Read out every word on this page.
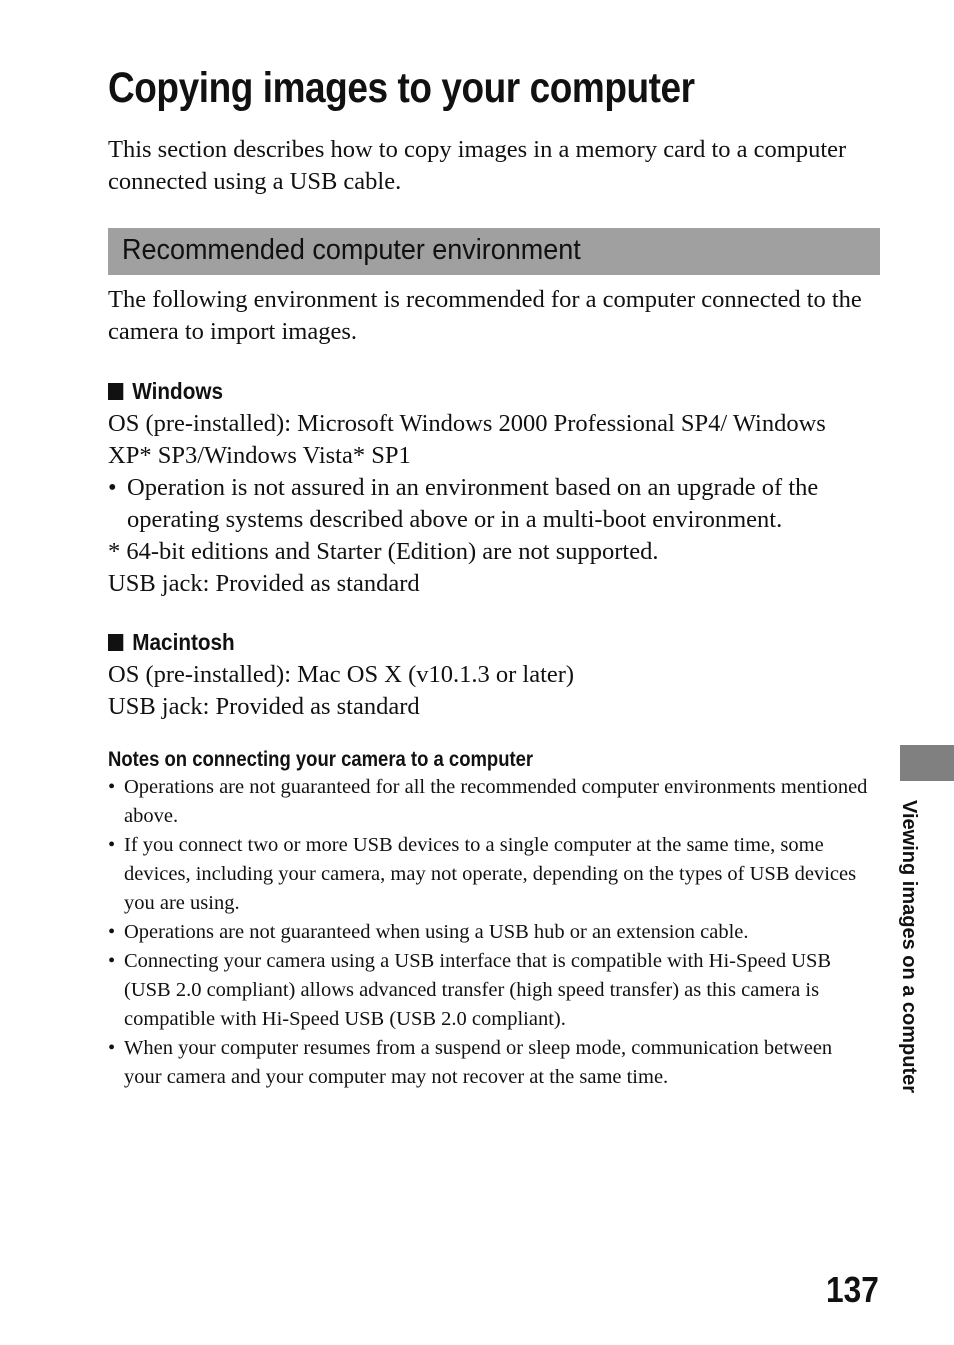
Copying images to your computer

This section describes how to copy images in a memory card to a computer connected using a USB cable.

Recommended computer environment

The following environment is recommended for a computer connected to the camera to import images.

Windows

OS (pre-installed): Microsoft Windows 2000 Professional SP4/ Windows

XP* SP3/Windows Vista* SP1

• Operation is not assured in an environment based on an upgrade of the

operating systems described above or in a multi-boot environment.

* 64-bit editions and Starter (Edition) are not supported.

USB jack: Provided as standard

Macintosh

OS (pre-installed): Mac OS X (v10.1.3 or later)

USB jack: Provided as standard

Notes on connecting your camera to a computer
• Operations are not guaranteed for all the recommended computer environments mentioned above.
• If you connect two or more USB devices to a single computer at the same time, some devices, including your camera, may not operate, depending on the types of USB devices you are using.
• Operations are not guaranteed when using a USB hub or an extension cable.
• Connecting your camera using a USB interface that is compatible with Hi-Speed USB (USB 2.0 compliant) allows advanced transfer (high speed transfer) as this camera is compatible with Hi-Speed USB (USB 2.0 compliant).
• When your computer resumes from a suspend or sleep mode, communication between your camera and your computer may not recover at the same time.	Viewing images on a computer

137
